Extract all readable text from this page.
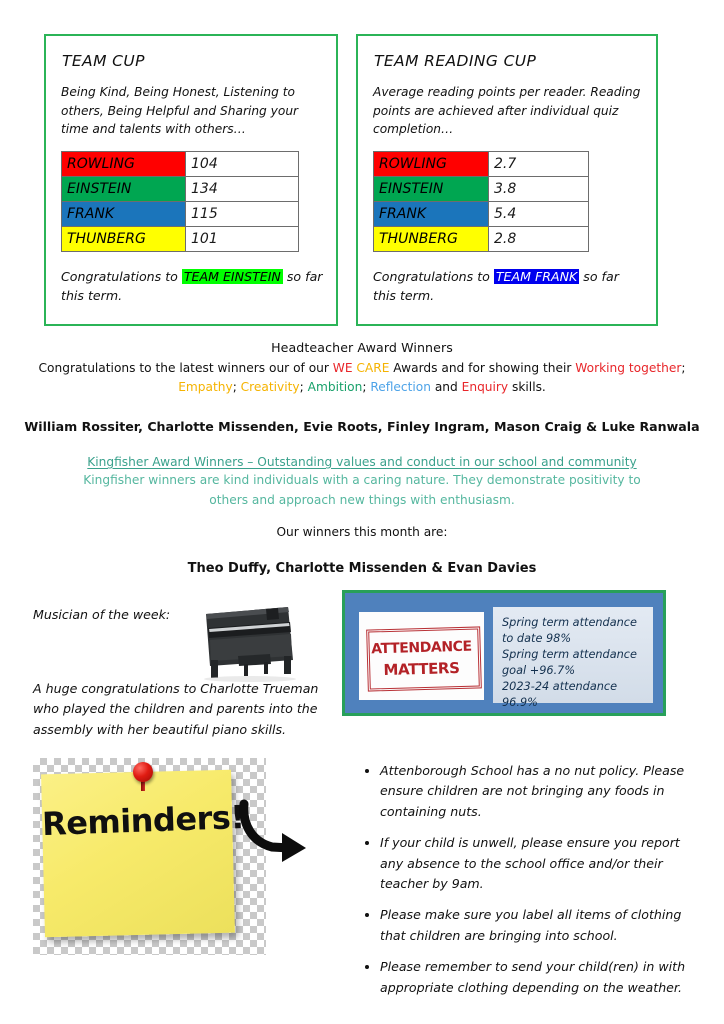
TEAM CUP
Being Kind, Being Honest, Listening to others, Being Helpful and Sharing your time and talents with others…
ROWLING	104
EINSTEIN	134
FRANK	115
THUNBERG	101
Congratulations to TEAM EINSTEIN so far this term.
TEAM READING CUP
Average reading points per reader. Reading points are achieved after individual quiz completion…
ROWLING	2.7
EINSTEIN	3.8
FRANK	5.4
THUNBERG	2.8
Congratulations to TEAM FRANK so far this term.
Headteacher Award Winners
Congratulations to the latest winners our of our WE CARE Awards and for showing their Working together;
Empathy; Creativity; Ambition; Reflection and Enquiry skills.
William Rossiter, Charlotte Missenden, Evie Roots, Finley Ingram, Mason Craig & Luke Ranwala
Kingfisher Award Winners – Outstanding values and conduct in our school and community
Kingfisher winners are kind individuals with a caring nature. They demonstrate positivity to others and approach new things with enthusiasm.
Our winners this month are:
Theo Duffy, Charlotte Missenden & Evan Davies
Musician of the week:
A huge congratulations to Charlotte Trueman who played the children and parents into the assembly with her beautiful piano skills.
ATTENDANCE
MATTERS

Spring term attendance to date 98%

Spring term attendance goal +96.7%

2023-24 attendance 96.9%

Reminders!
• Attenborough School has a no nut policy. Please ensure children are not bringing any foods in containing nuts.
• If your child is unwell, please ensure you report any absence to the school office and/or their teacher by 9am.
• Please make sure you label all items of clothing that children are bringing into school.
• Please remember to send your child(ren) in with appropriate clothing depending on the weather.
